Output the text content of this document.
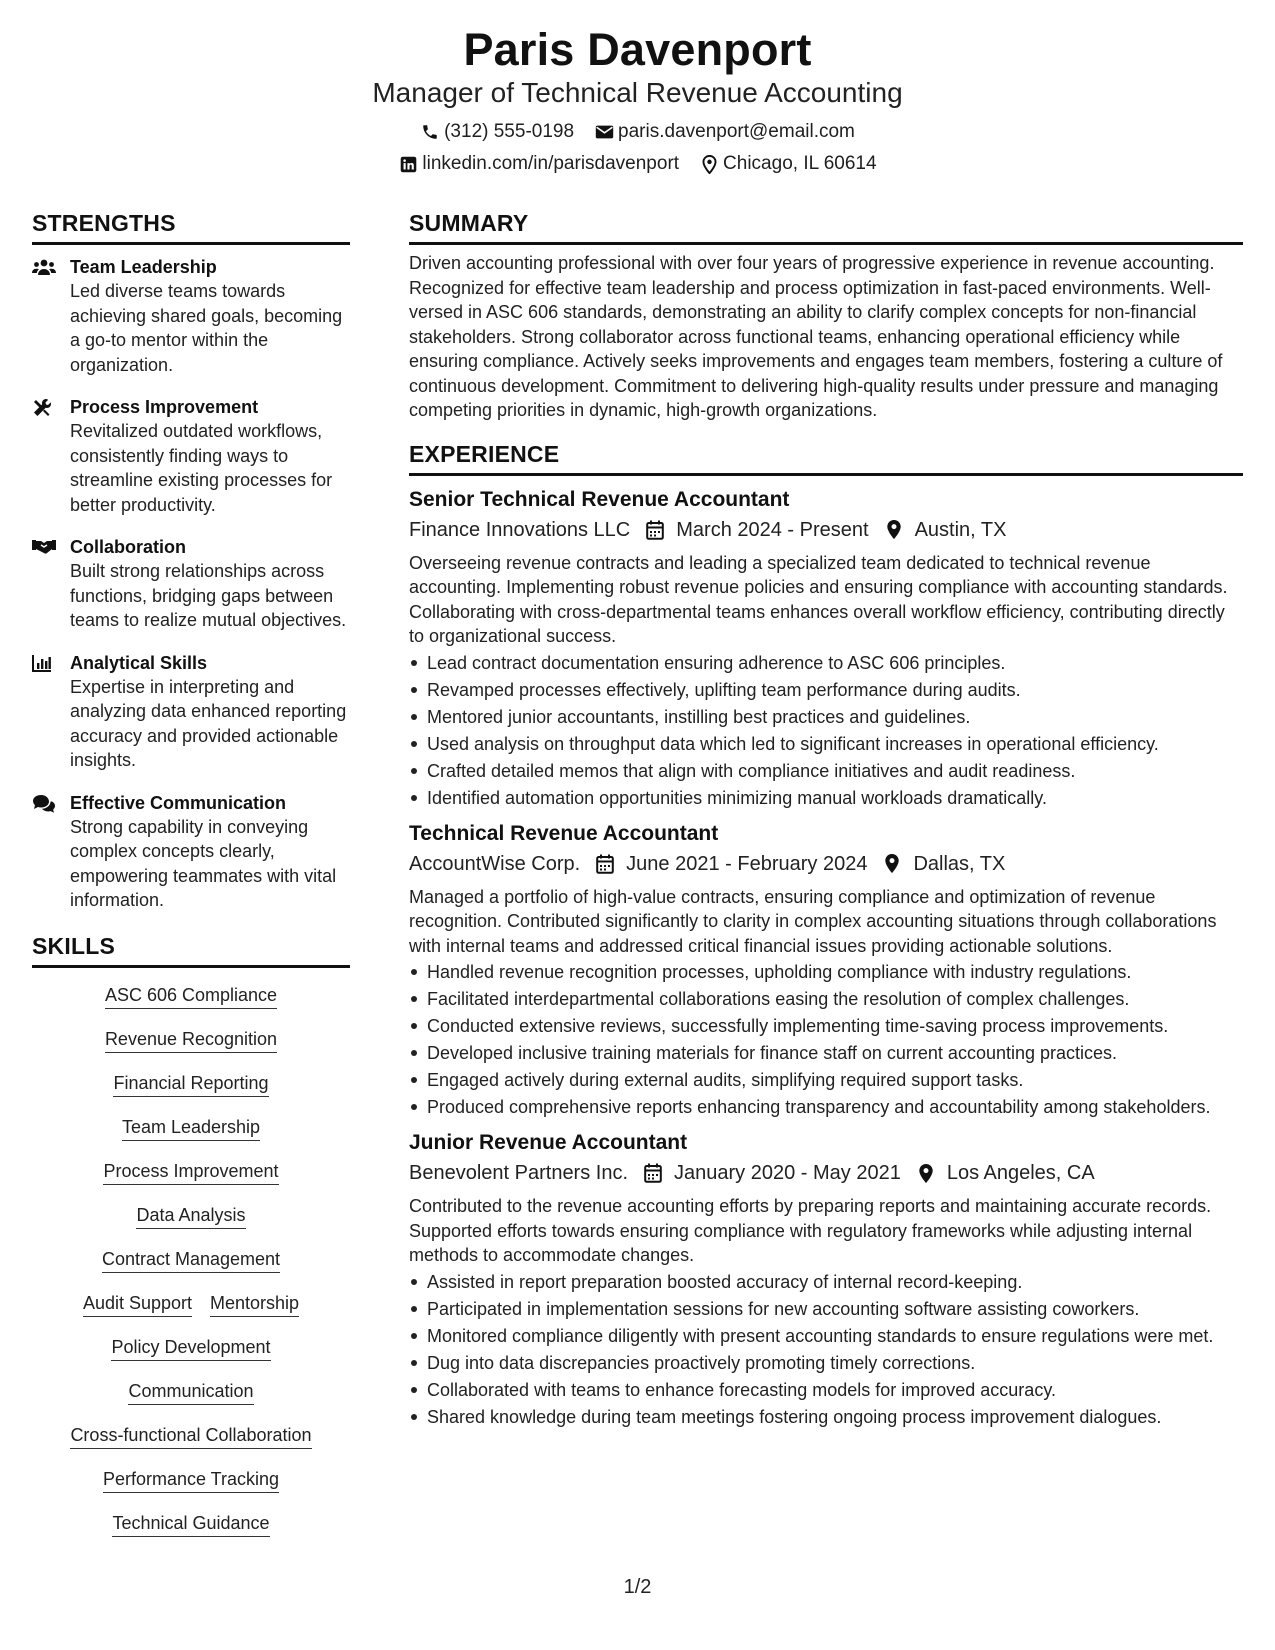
Paris Davenport
Manager of Technical Revenue Accounting
(312) 555-0198 paris.davenport@email.com
linkedin.com/in/parisdavenport Chicago, IL 60614
STRENGTHS
Team Leadership
Led diverse teams towards achieving shared goals, becoming a go-to mentor within the organization.
Process Improvement
Revitalized outdated workflows, consistently finding ways to streamline existing processes for better productivity.
Collaboration
Built strong relationships across functions, bridging gaps between teams to realize mutual objectives.
Analytical Skills
Expertise in interpreting and analyzing data enhanced reporting accuracy and provided actionable insights.
Effective Communication
Strong capability in conveying complex concepts clearly, empowering teammates with vital information.
SKILLS
ASC 606 Compliance
Revenue Recognition
Financial Reporting
Team Leadership
Process Improvement
Data Analysis
Contract Management
Audit Support Mentorship
Policy Development
Communication
Cross-functional Collaboration
Performance Tracking
Technical Guidance
SUMMARY
Driven accounting professional with over four years of progressive experience in revenue accounting. Recognized for effective team leadership and process optimization in fast-paced environments. Well-versed in ASC 606 standards, demonstrating an ability to clarify complex concepts for non-financial stakeholders. Strong collaborator across functional teams, enhancing operational efficiency while ensuring compliance. Actively seeks improvements and engages team members, fostering a culture of continuous development. Commitment to delivering high-quality results under pressure and managing competing priorities in dynamic, high-growth organizations.
EXPERIENCE
Senior Technical Revenue Accountant
Finance Innovations LLC March 2024 - Present Austin, TX
Overseeing revenue contracts and leading a specialized team dedicated to technical revenue accounting. Implementing robust revenue policies and ensuring compliance with accounting standards. Collaborating with cross-departmental teams enhances overall workflow efficiency, contributing directly to organizational success.
Lead contract documentation ensuring adherence to ASC 606 principles.
Revamped processes effectively, uplifting team performance during audits.
Mentored junior accountants, instilling best practices and guidelines.
Used analysis on throughput data which led to significant increases in operational efficiency.
Crafted detailed memos that align with compliance initiatives and audit readiness.
Identified automation opportunities minimizing manual workloads dramatically.
Technical Revenue Accountant
AccountWise Corp. June 2021 - February 2024 Dallas, TX
Managed a portfolio of high-value contracts, ensuring compliance and optimization of revenue recognition. Contributed significantly to clarity in complex accounting situations through collaborations with internal teams and addressed critical financial issues providing actionable solutions.
Handled revenue recognition processes, upholding compliance with industry regulations.
Facilitated interdepartmental collaborations easing the resolution of complex challenges.
Conducted extensive reviews, successfully implementing time-saving process improvements.
Developed inclusive training materials for finance staff on current accounting practices.
Engaged actively during external audits, simplifying required support tasks.
Produced comprehensive reports enhancing transparency and accountability among stakeholders.
Junior Revenue Accountant
Benevolent Partners Inc. January 2020 - May 2021 Los Angeles, CA
Contributed to the revenue accounting efforts by preparing reports and maintaining accurate records. Supported efforts towards ensuring compliance with regulatory frameworks while adjusting internal methods to accommodate changes.
Assisted in report preparation boosted accuracy of internal record-keeping.
Participated in implementation sessions for new accounting software assisting coworkers.
Monitored compliance diligently with present accounting standards to ensure regulations were met.
Dug into data discrepancies proactively promoting timely corrections.
Collaborated with teams to enhance forecasting models for improved accuracy.
Shared knowledge during team meetings fostering ongoing process improvement dialogues.
1/2
